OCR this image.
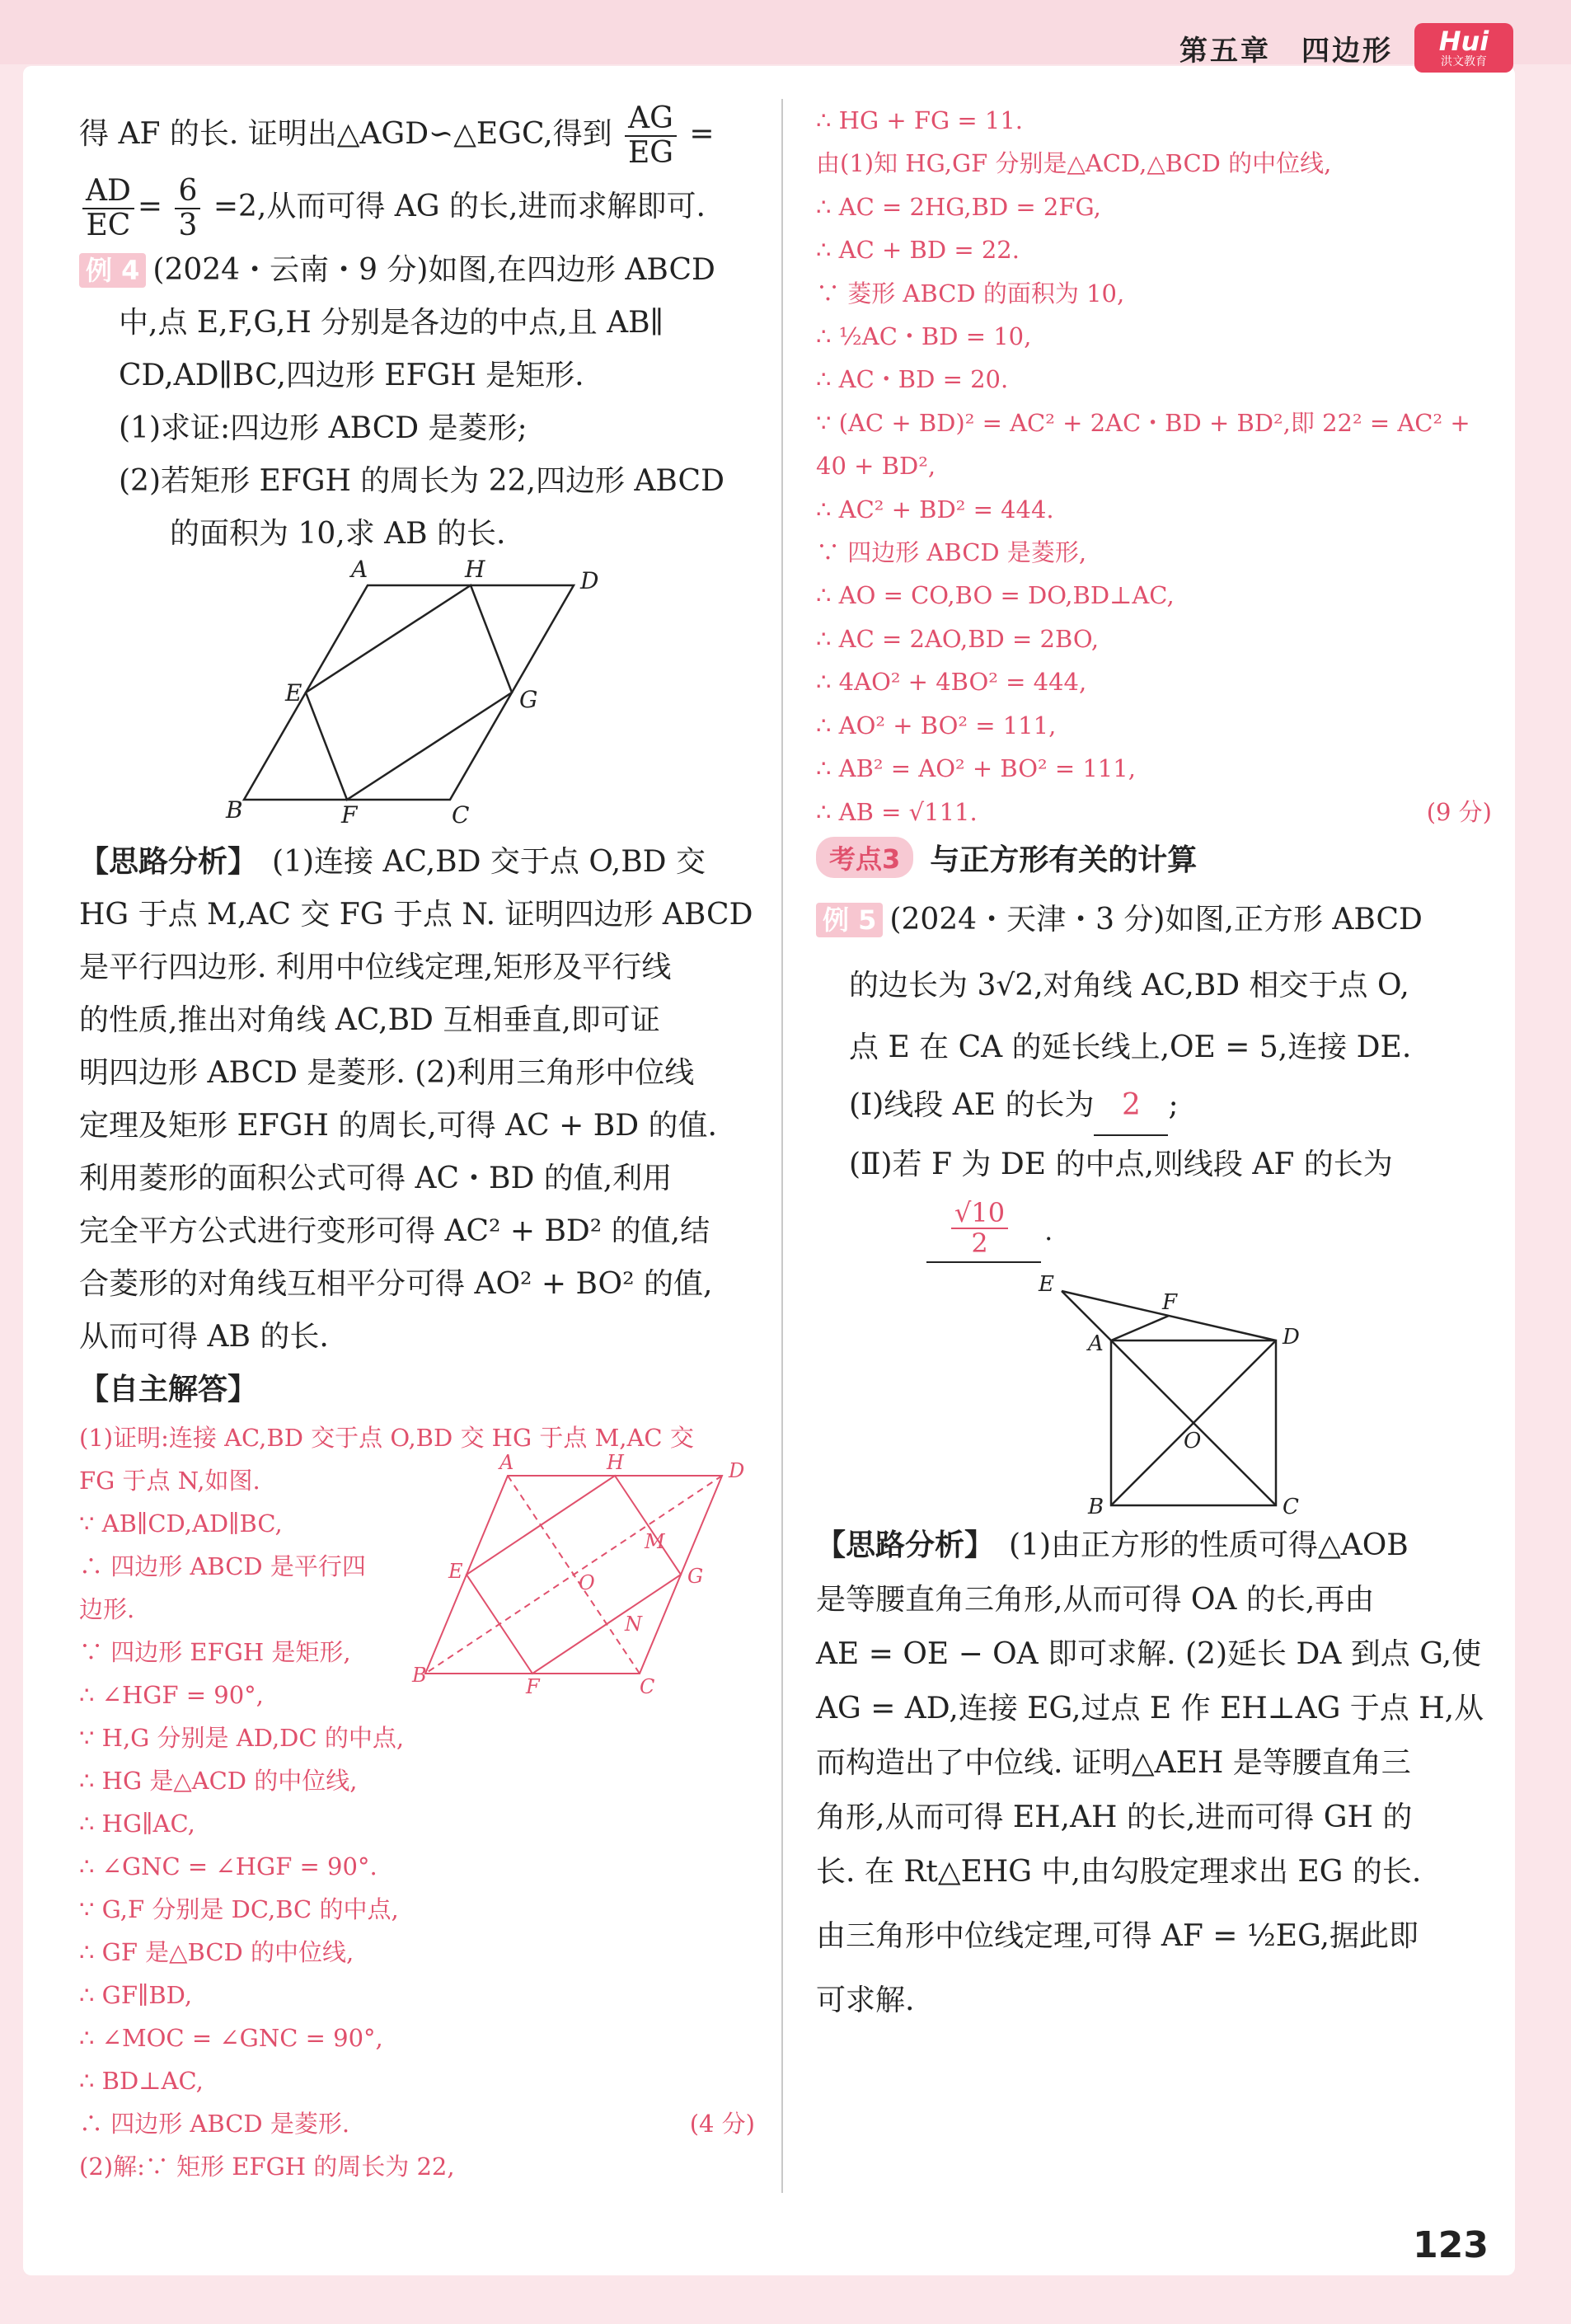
第五章　四边形 Hui
洪文教育

得 AF 的长. 证明出△AGD∽△EGC,得到 $\frac{AG}{EG}$ =

$\frac{AD}{EC} = \frac{6}{3} =2$,从而可得 AG 的长,进而求解即可.

例 4 (2024・云南・9 分)如图,在四边形 ABCD

中,点 E,F,G,H 分别是各边的中点,且 AB∥

CD,AD∥BC,四边形 EFGH 是矩形.

(1)求证:四边形 ABCD 是菱形;

(2)若矩形 EFGH 的周长为 22,四边形 ABCD

的面积为 10,求 AB 的长.

A	H	D
E	G
B	F	C

【思路分析】　 (1)连接 AC,BD 交于点 O,BD 交

HG 于点 M,AC 交 FG 于点 N. 证明四边形 ABCD

是平行四边形. 利用中位线定理,矩形及平行线

的性质,推出对角线 AC,BD 互相垂直,即可证

明四边形 ABCD 是菱形. (2)利用三角形中位线

定理及矩形 EFGH 的周长,可得 AC + BD 的值.

利用菱形的面积公式可得 AC・BD 的值,利用

完全平方公式进行变形可得 AC² + BD² 的值,结

合菱形的对角线互相平分可得 AO² + BO² 的值,

从而可得 AB 的长.

【自主解答】

A	H	D
M
E	O	G
N
B	F	C

(1)证明:连接 AC,BD 交于点 O,BD 交 HG 于点 M,AC 交

FG 于点 N,如图.

∵ AB∥CD,AD∥BC,

∴ 四边形 ABCD 是平行四

边形.

∵ 四边形 EFGH 是矩形,

∴ ∠HGF = 90°,

∵ H,G 分别是 AD,DC 的中点,

∴ HG 是△ACD 的中位线,

∴ HG∥AC,

∴ ∠GNC = ∠HGF = 90°.

∵ G,F 分别是 DC,BC 的中点,

∴ GF 是△BCD 的中位线,

∴ GF∥BD,

∴ ∠MOC = ∠GNC = 90°,

∴ BD⊥AC,

∴ 四边形 ABCD 是菱形.	(4 分)

(2)解:∵ 矩形 EFGH 的周长为 22,

∴ HG + FG = 11.

由(1)知 HG,GF 分别是△ACD,△BCD 的中位线,

∴ AC = 2HG,BD = 2FG,

∴ AC + BD = 22.

∵ 菱形 ABCD 的面积为 10,

∴ ½AC・BD = 10,

∴ AC・BD = 20.

∵ (AC + BD)² = AC² + 2AC・BD + BD²,即 22² = AC² +

40 + BD²,

∴ AC² + BD² = 444.

∵ 四边形 ABCD 是菱形,

∴ AO = CO,BO = DO,BD⊥AC,

∴ AC = 2AO,BD = 2BO,

∴ 4AO² + 4BO² = 444,

∴ AO² + BO² = 111,

∴ AB² = AO² + BO² = 111,

∴ AB = √111.	(9 分)

考点3	与正方形有关的计算

例 5 (2024・天津・3 分)如图,正方形 ABCD

的边长为 3√2,对角线 AC,BD 相交于点 O,

点 E 在 CA 的延长线上,OE = 5,连接 DE.

(Ⅰ)线段 AE 的长为 2 ;

(Ⅱ)若 F 为 DE 的中点,则线段 AF 的长为

$\frac{√10}{2}$ .
E
F
A	D
O
B	C

【思路分析】　 (1)由正方形的性质可得△AOB

是等腰直角三角形,从而可得 OA 的长,再由

AE = OE − OA 即可求解. (2)延长 DA 到点 G,使

AG = AD,连接 EG,过点 E 作 EH⊥AG 于点 H,从

而构造出了中位线. 证明△AEH 是等腰直角三

角形,从而可得 EH,AH 的长,进而可得 GH 的

长. 在 Rt△EHG 中,由勾股定理求出 EG 的长.

由三角形中位线定理,可得 AF = ½EG,据此即

可求解.

123
